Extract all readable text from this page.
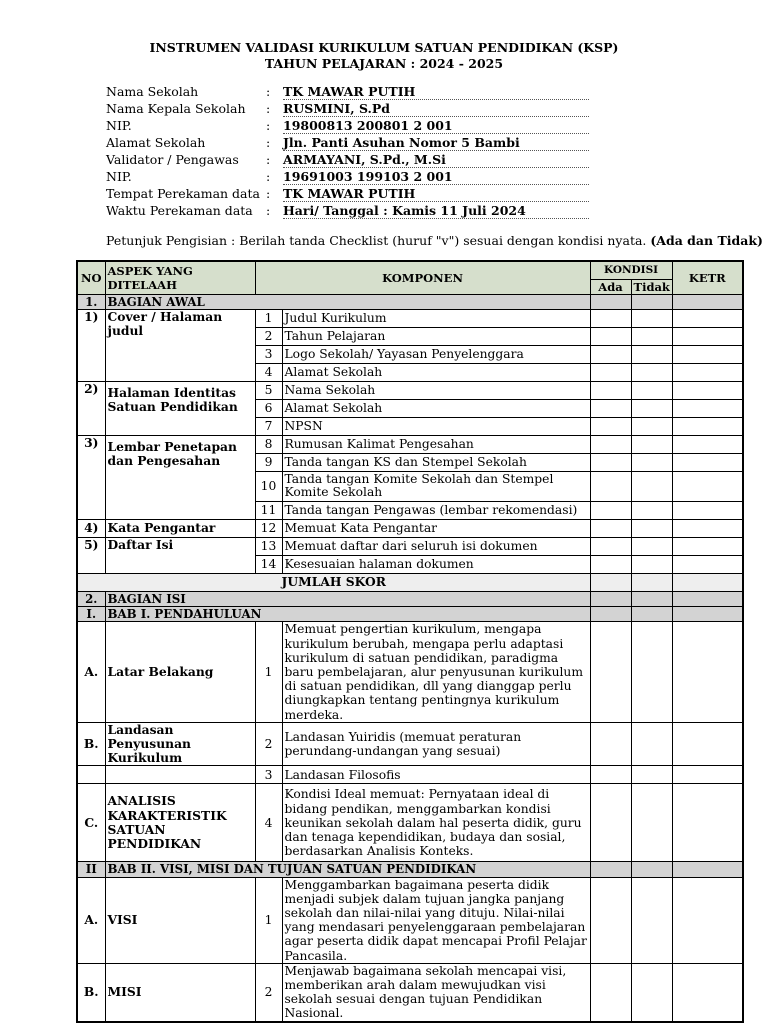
INSTRUMEN VALIDASI KURIKULUM SATUAN PENDIDIKAN (KSP)
TAHUN PELAJARAN : 2024 - 2025
Nama Sekolah	: TK MAWAR PUTIH
Nama Kepala Sekolah : RUSMINI, S.Pd
NIP.	: 19800813 200801 2 001
Alamat Sekolah	: Jln. Panti Asuhan Nomor 5 Bambi
Validator / Pengawas : ARMAYANI, S.Pd., M.Si
NIP.	: 19691003 199103 2 001
Tempat Perekaman data : TK MAWAR PUTIH
Waktu Perekaman data : Hari/ Tanggal : Kamis 11 Juli 2024
Petunjuk Pengisian : Berilah tanda Checklist (huruf "v") sesuai dengan kondisi nyata. (Ada dan Tidak)
NO	ASPEK YANG DITELAAH	KOMPONEN		KONDISI		KETR
				Ada	Tidak	
1.	BAGIAN AWAL					
1)	Cover / Halaman judul	1	Judul Kurikulum			
		2	Tahun Pelajaran			
		3	Logo Sekolah/ Yayasan Penyelenggara			
		4	Alamat Sekolah			
2)	Halaman Identitas Satuan Pendidikan	5	Nama Sekolah			
		6	Alamat Sekolah			
		7	NPSN			
3)	Lembar Penetapan dan Pengesahan	8	Rumusan Kalimat Pengesahan			
		9	Tanda tangan KS dan Stempel Sekolah			
		10	Tanda tangan Komite Sekolah dan Stempel Komite Sekolah			
		11	Tanda tangan Pengawas (lembar rekomendasi)			
4)	Kata Pengantar	12	Memuat Kata Pengantar			
5)	Daftar Isi	13	Memuat daftar dari seluruh isi dokumen			
		14	Kesesuaian halaman dokumen			
JUMLAH SKOR						
2.	BAGIAN ISI					
I.	BAB I. PENDAHULUAN					
A.	Latar Belakang	1	Memuat pengertian kurikulum, mengapa kurikulum berubah, mengapa perlu adaptasi kurikulum di satuan pendidikan, paradigma baru pembelajaran, alur penyusunan kurikulum di satuan pendidikan, dll yang dianggap perlu diungkapkan tentang pentingnya kurikulum merdeka.			
B.	Landasan Penyusunan Kurikulum	2	Landasan Yuiridis (memuat peraturan perundang-undangan yang sesuai)			
		3	Landasan Filosofis			
C.	ANALISIS KARAKTERISTIK SATUAN PENDIDIKAN	4	Kondisi Ideal memuat: Pernyataan ideal di bidang pendikan, menggambarkan kondisi keunikan sekolah dalam hal peserta didik, guru dan tenaga kependidikan, budaya dan sosial, berdasarkan Analisis Konteks.			
II	BAB II. VISI, MISI DAN TUJUAN SATUAN PENDIDIKAN					
A.	VISI	1	Menggambarkan bagaimana peserta didik menjadi subjek dalam tujuan jangka panjang sekolah dan nilai-nilai yang dituju. Nilai-nilai yang mendasari penyelenggaraan pembelajaran agar peserta didik dapat mencapai Profil Pelajar Pancasila.			
B.	MISI	2	Menjawab bagaimana sekolah mencapai visi, memberikan arah dalam mewujudkan visi sekolah sesuai dengan tujuan Pendidikan Nasional.			
